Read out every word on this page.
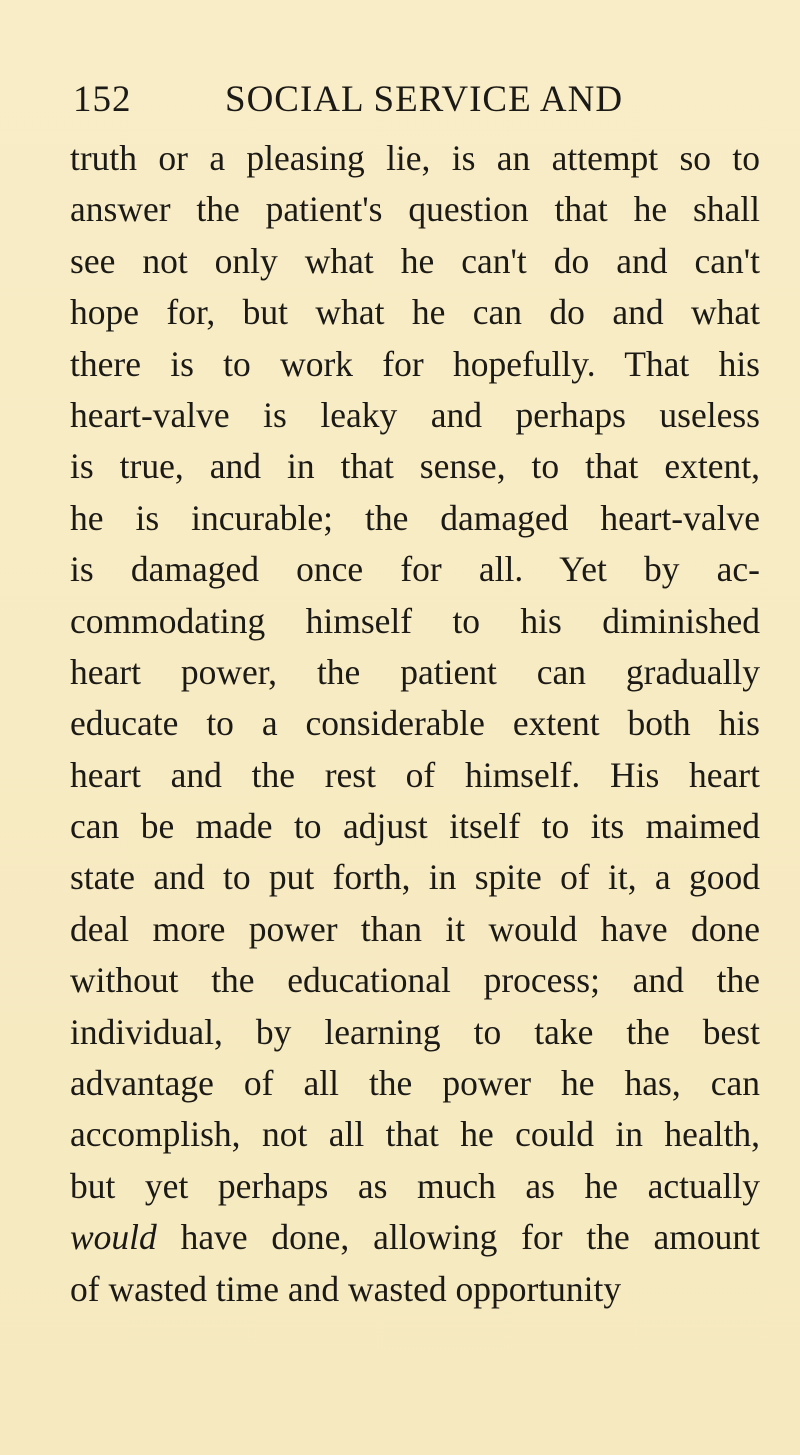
152	SOCIAL SERVICE AND
truth or a pleasing lie, is an attempt so to
answer the patient's question that he shall
see not only what he can't do and can't
hope for, but what he can do and what
there is to work for hopefully. That his
heart-valve is leaky and perhaps useless
is true, and in that sense, to that extent,
he is incurable; the damaged heart-valve
is damaged once for all. Yet by ac-
commodating himself to his diminished
heart power, the patient can gradually
educate to a considerable extent both his
heart and the rest of himself. His heart
can be made to adjust itself to its maimed
state and to put forth, in spite of it, a good
deal more power than it would have done
without the educational process; and the
individual, by learning to take the best
advantage of all the power he has, can
accomplish, not all that he could in health,
but yet perhaps as much as he actually
would have done, allowing for the amount
of wasted time and wasted opportunity
